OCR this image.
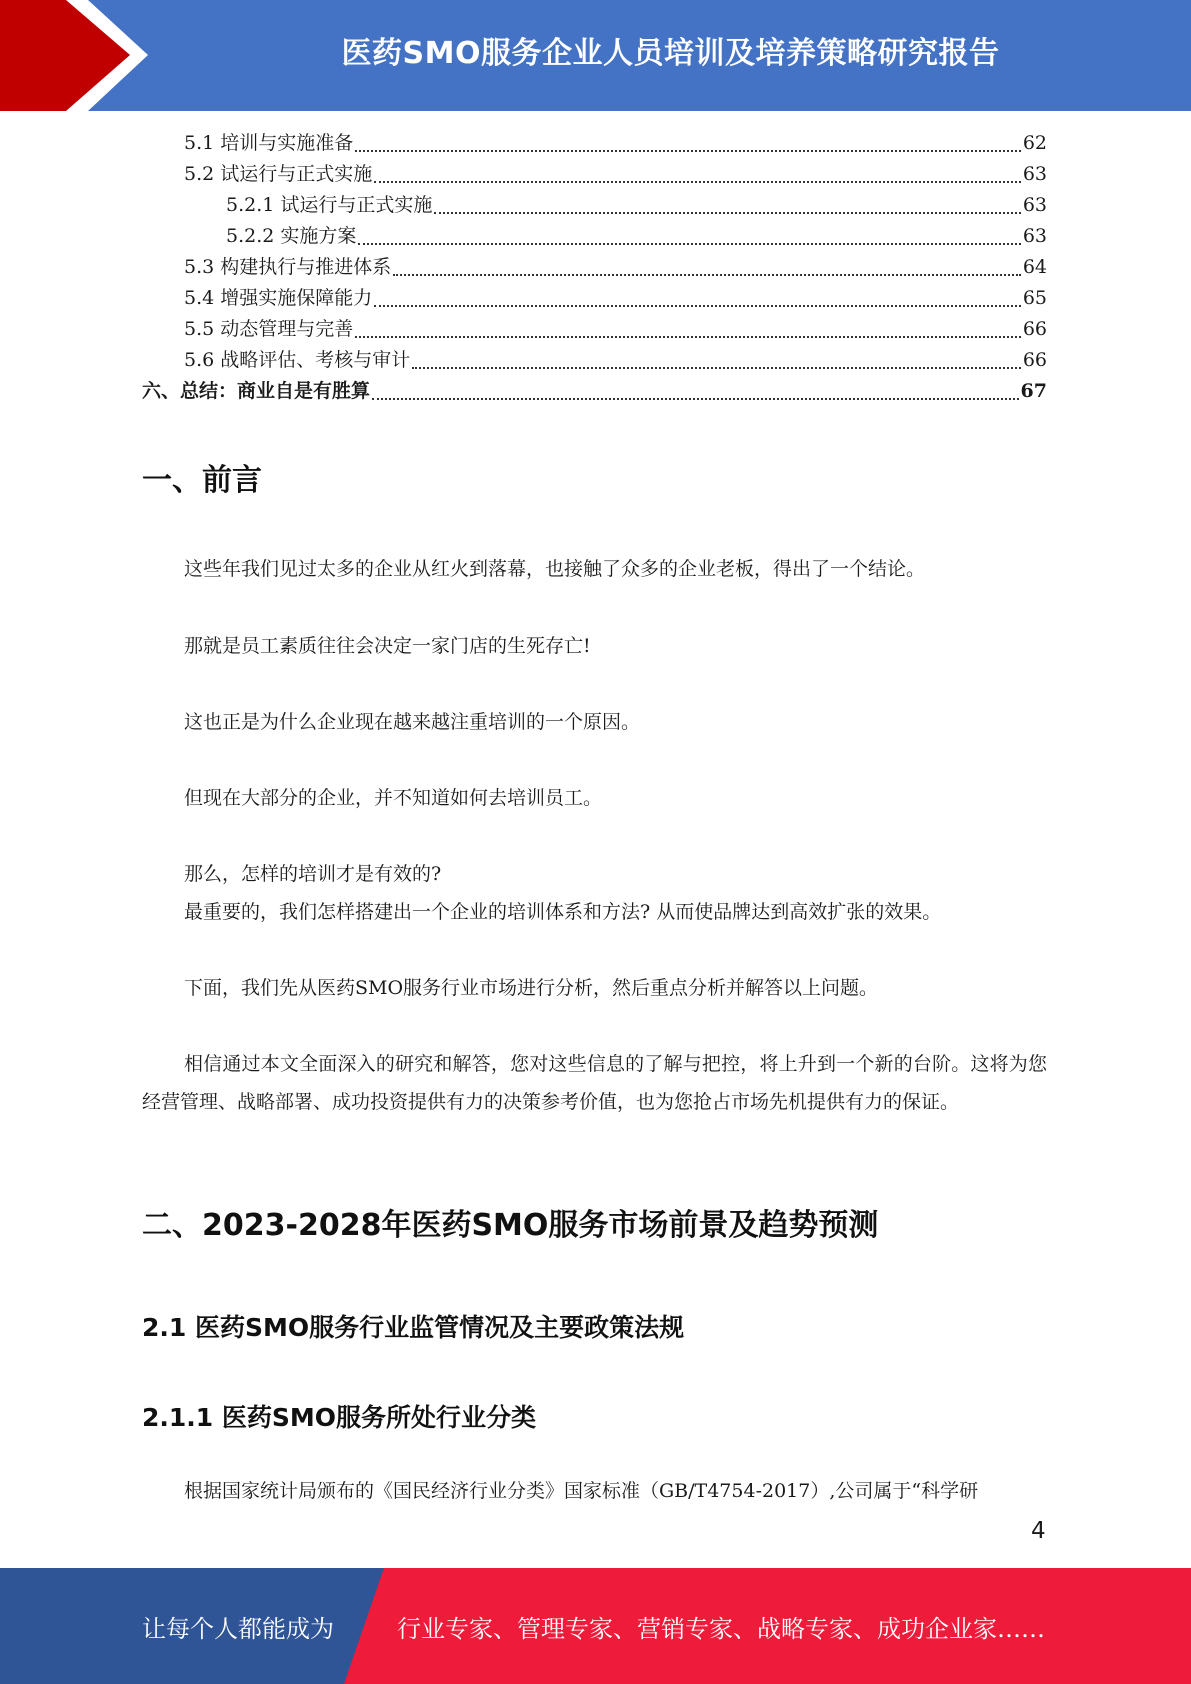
医药SMO服务企业人员培训及培养策略研究报告
5.1 培训与实施准备	62
5.2 试运行与正式实施	63
5.2.1 试运行与正式实施	63
5.2.2 实施方案	63
5.3 构建执行与推进体系	64
5.4 增强实施保障能力	65
5.5 动态管理与完善	66
5.6 战略评估、考核与审计	66
六、总结：商业自是有胜算	67
一、前言
这些年我们见过太多的企业从红火到落幕，也接触了众多的企业老板，得出了一个结论。
那就是员工素质往往会决定一家门店的生死存亡!
这也正是为什么企业现在越来越注重培训的一个原因。
但现在大部分的企业，并不知道如何去培训员工。
那么，怎样的培训才是有效的?
最重要的，我们怎样搭建出一个企业的培训体系和方法? 从而使品牌达到高效扩张的效果。
下面，我们先从医药SMO服务行业市场进行分析，然后重点分析并解答以上问题。
相信通过本文全面深入的研究和解答，您对这些信息的了解与把控，将上升到一个新的台阶。这将为您经营管理、战略部署、成功投资提供有力的决策参考价值，也为您抢占市场先机提供有力的保证。
二、2023-2028年医药SMO服务市场前景及趋势预测
2.1 医药SMO服务行业监管情况及主要政策法规
2.1.1 医药SMO服务所处行业分类
根据国家统计局颁布的《国民经济行业分类》国家标准（GB/T4754-2017）,公司属于“科学研
4
让每个人都能成为	行业专家、管理专家、营销专家、战略专家、成功企业家……
